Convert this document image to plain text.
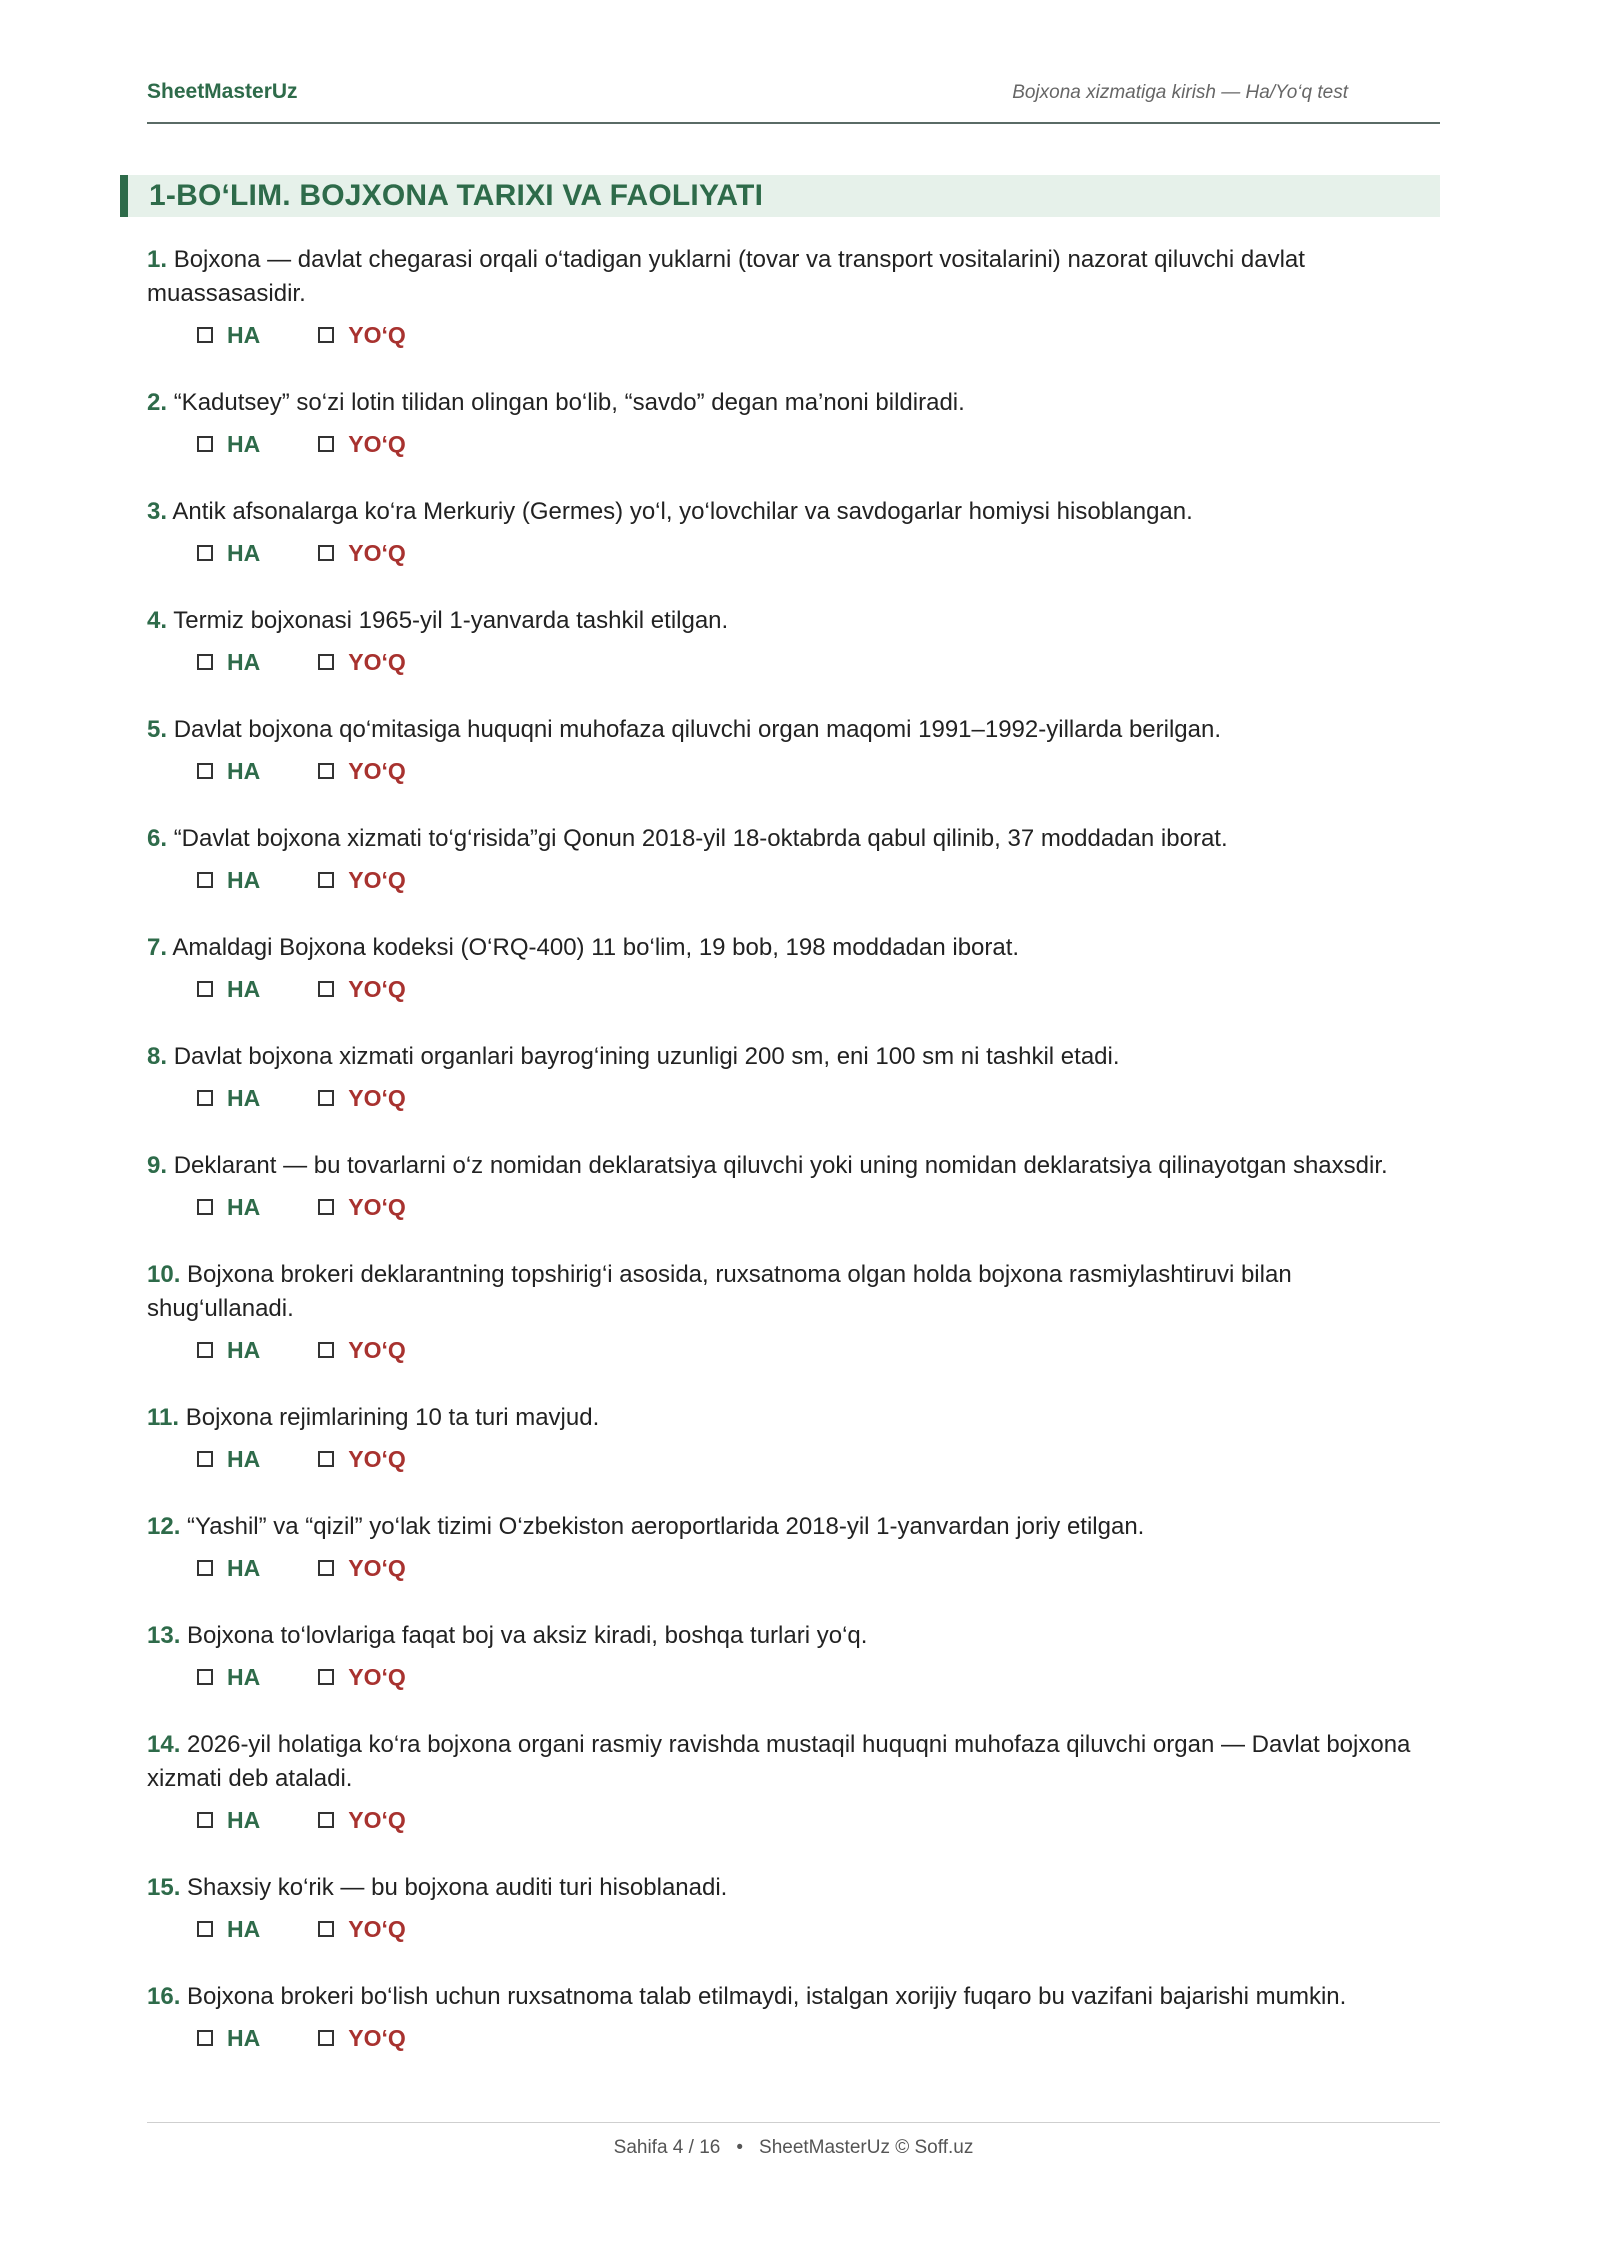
SheetMasterUz	Bojxona xizmatiga kirish — Ha/Yo‘q test
1-BO‘LIM. BOJXONA TARIXI VA FAOLIYATI
1. Bojxona — davlat chegarasi orqali o‘tadigan yuklarni (tovar va transport vositalarini) nazorat qiluvchi davlat muassasasidir.
HA	YO‘Q
2. “Kadutsey” so‘zi lotin tilidan olingan bo‘lib, “savdo” degan ma’noni bildiradi.
HA	YO‘Q
3. Antik afsonalarga ko‘ra Merkuriy (Germes) yo‘l, yo‘lovchilar va savdogarlar homiysi hisoblangan.
HA	YO‘Q
4. Termiz bojxonasi 1965-yil 1-yanvarda tashkil etilgan.
HA	YO‘Q
5. Davlat bojxona qo‘mitasiga huquqni muhofaza qiluvchi organ maqomi 1991–1992-yillarda berilgan.
HA	YO‘Q
6. “Davlat bojxona xizmati to‘g‘risida”gi Qonun 2018-yil 18-oktabrda qabul qilinib, 37 moddadan iborat.
HA	YO‘Q
7. Amaldagi Bojxona kodeksi (O‘RQ-400) 11 bo‘lim, 19 bob, 198 moddadan iborat.
HA	YO‘Q
8. Davlat bojxona xizmati organlari bayrog‘ining uzunligi 200 sm, eni 100 sm ni tashkil etadi.
HA	YO‘Q
9. Deklarant — bu tovarlarni o‘z nomidan deklaratsiya qiluvchi yoki uning nomidan deklaratsiya qilinayotgan shaxsdir.
HA	YO‘Q
10. Bojxona brokeri deklarantning topshirig‘i asosida, ruxsatnoma olgan holda bojxona rasmiylashtiruvi bilan shug‘ullanadi.
HA	YO‘Q
11. Bojxona rejimlarining 10 ta turi mavjud.
HA	YO‘Q
12. “Yashil” va “qizil” yo‘lak tizimi O‘zbekiston aeroportlarida 2018-yil 1-yanvardan joriy etilgan.
HA	YO‘Q
13. Bojxona to‘lovlariga faqat boj va aksiz kiradi, boshqa turlari yo‘q.
HA	YO‘Q
14. 2026-yil holatiga ko‘ra bojxona organi rasmiy ravishda mustaqil huquqni muhofaza qiluvchi organ — Davlat bojxona xizmati deb ataladi.
HA	YO‘Q
15. Shaxsiy ko‘rik — bu bojxona auditi turi hisoblanadi.
HA	YO‘Q
16. Bojxona brokeri bo‘lish uchun ruxsatnoma talab etilmaydi, istalgan xorijiy fuqaro bu vazifani bajarishi mumkin.
HA	YO‘Q
Sahifa 4 / 16 • SheetMasterUz © Soff.uz
